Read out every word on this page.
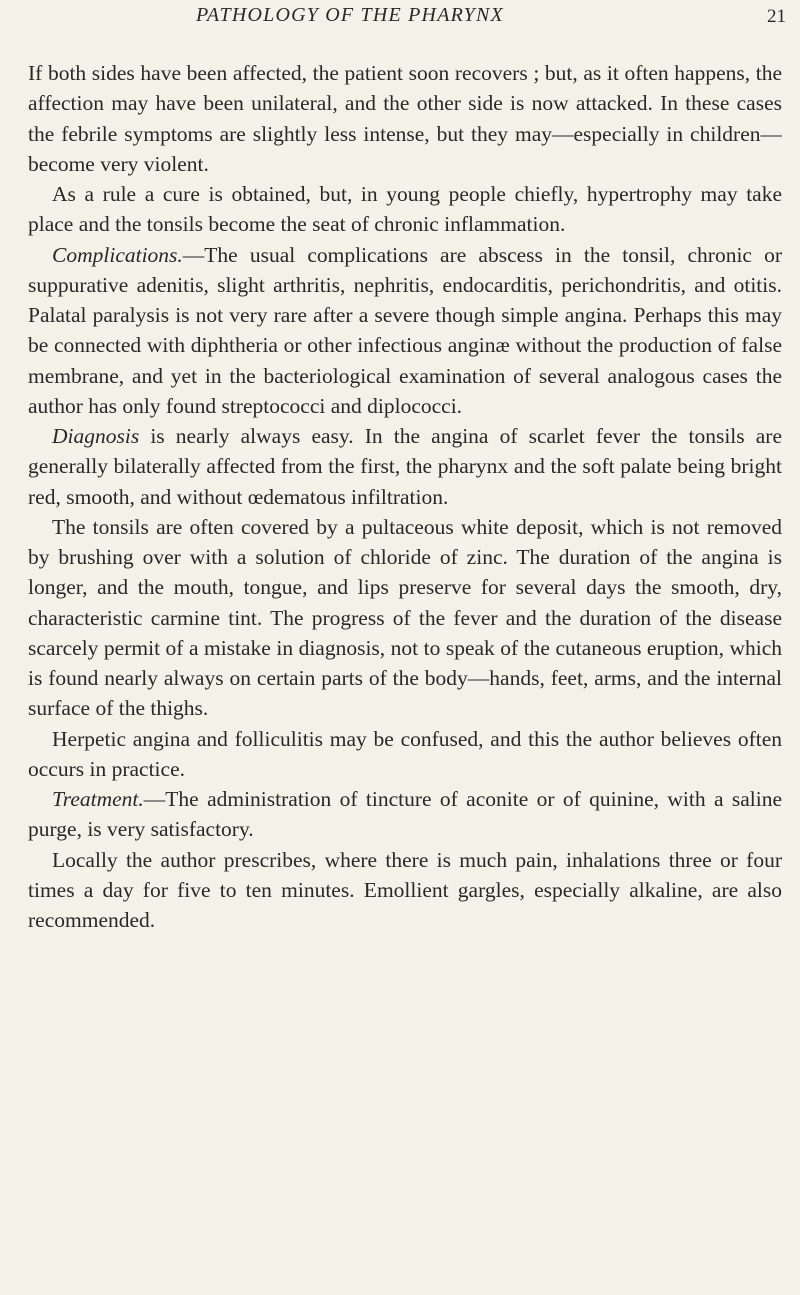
PATHOLOGY OF THE PHARYNX	21

If both sides have been affected, the patient soon recovers ; but, as it often happens, the affection may have been unilateral, and the other side is now attacked. In these cases the febrile symptoms are slightly less intense, but they may—especially in children—become very violent.

As a rule a cure is obtained, but, in young people chiefly, hypertrophy may take place and the tonsils become the seat of chronic inflammation.

Complications.—The usual complications are abscess in the tonsil, chronic or suppurative adenitis, slight arthritis, nephritis, endocarditis, perichondritis, and otitis. Palatal paralysis is not very rare after a severe though simple angina. Perhaps this may be connected with diphtheria or other infectious anginæ without the production of false membrane, and yet in the bacteriological examination of several analogous cases the author has only found streptococci and diplococci.

Diagnosis is nearly always easy. In the angina of scarlet fever the tonsils are generally bilaterally affected from the first, the pharynx and the soft palate being bright red, smooth, and without œdematous infiltration.

The tonsils are often covered by a pultaceous white deposit, which is not removed by brushing over with a solution of chloride of zinc. The duration of the angina is longer, and the mouth, tongue, and lips preserve for several days the smooth, dry, characteristic carmine tint. The progress of the fever and the duration of the disease scarcely permit of a mistake in diagnosis, not to speak of the cutaneous eruption, which is found nearly always on certain parts of the body—hands, feet, arms, and the internal surface of the thighs.

Herpetic angina and folliculitis may be confused, and this the author believes often occurs in practice.

Treatment.—The administration of tincture of aconite or of quinine, with a saline purge, is very satisfactory.

Locally the author prescribes, where there is much pain, inhalations three or four times a day for five to ten minutes. Emollient gargles, especially alkaline, are also recommended.
